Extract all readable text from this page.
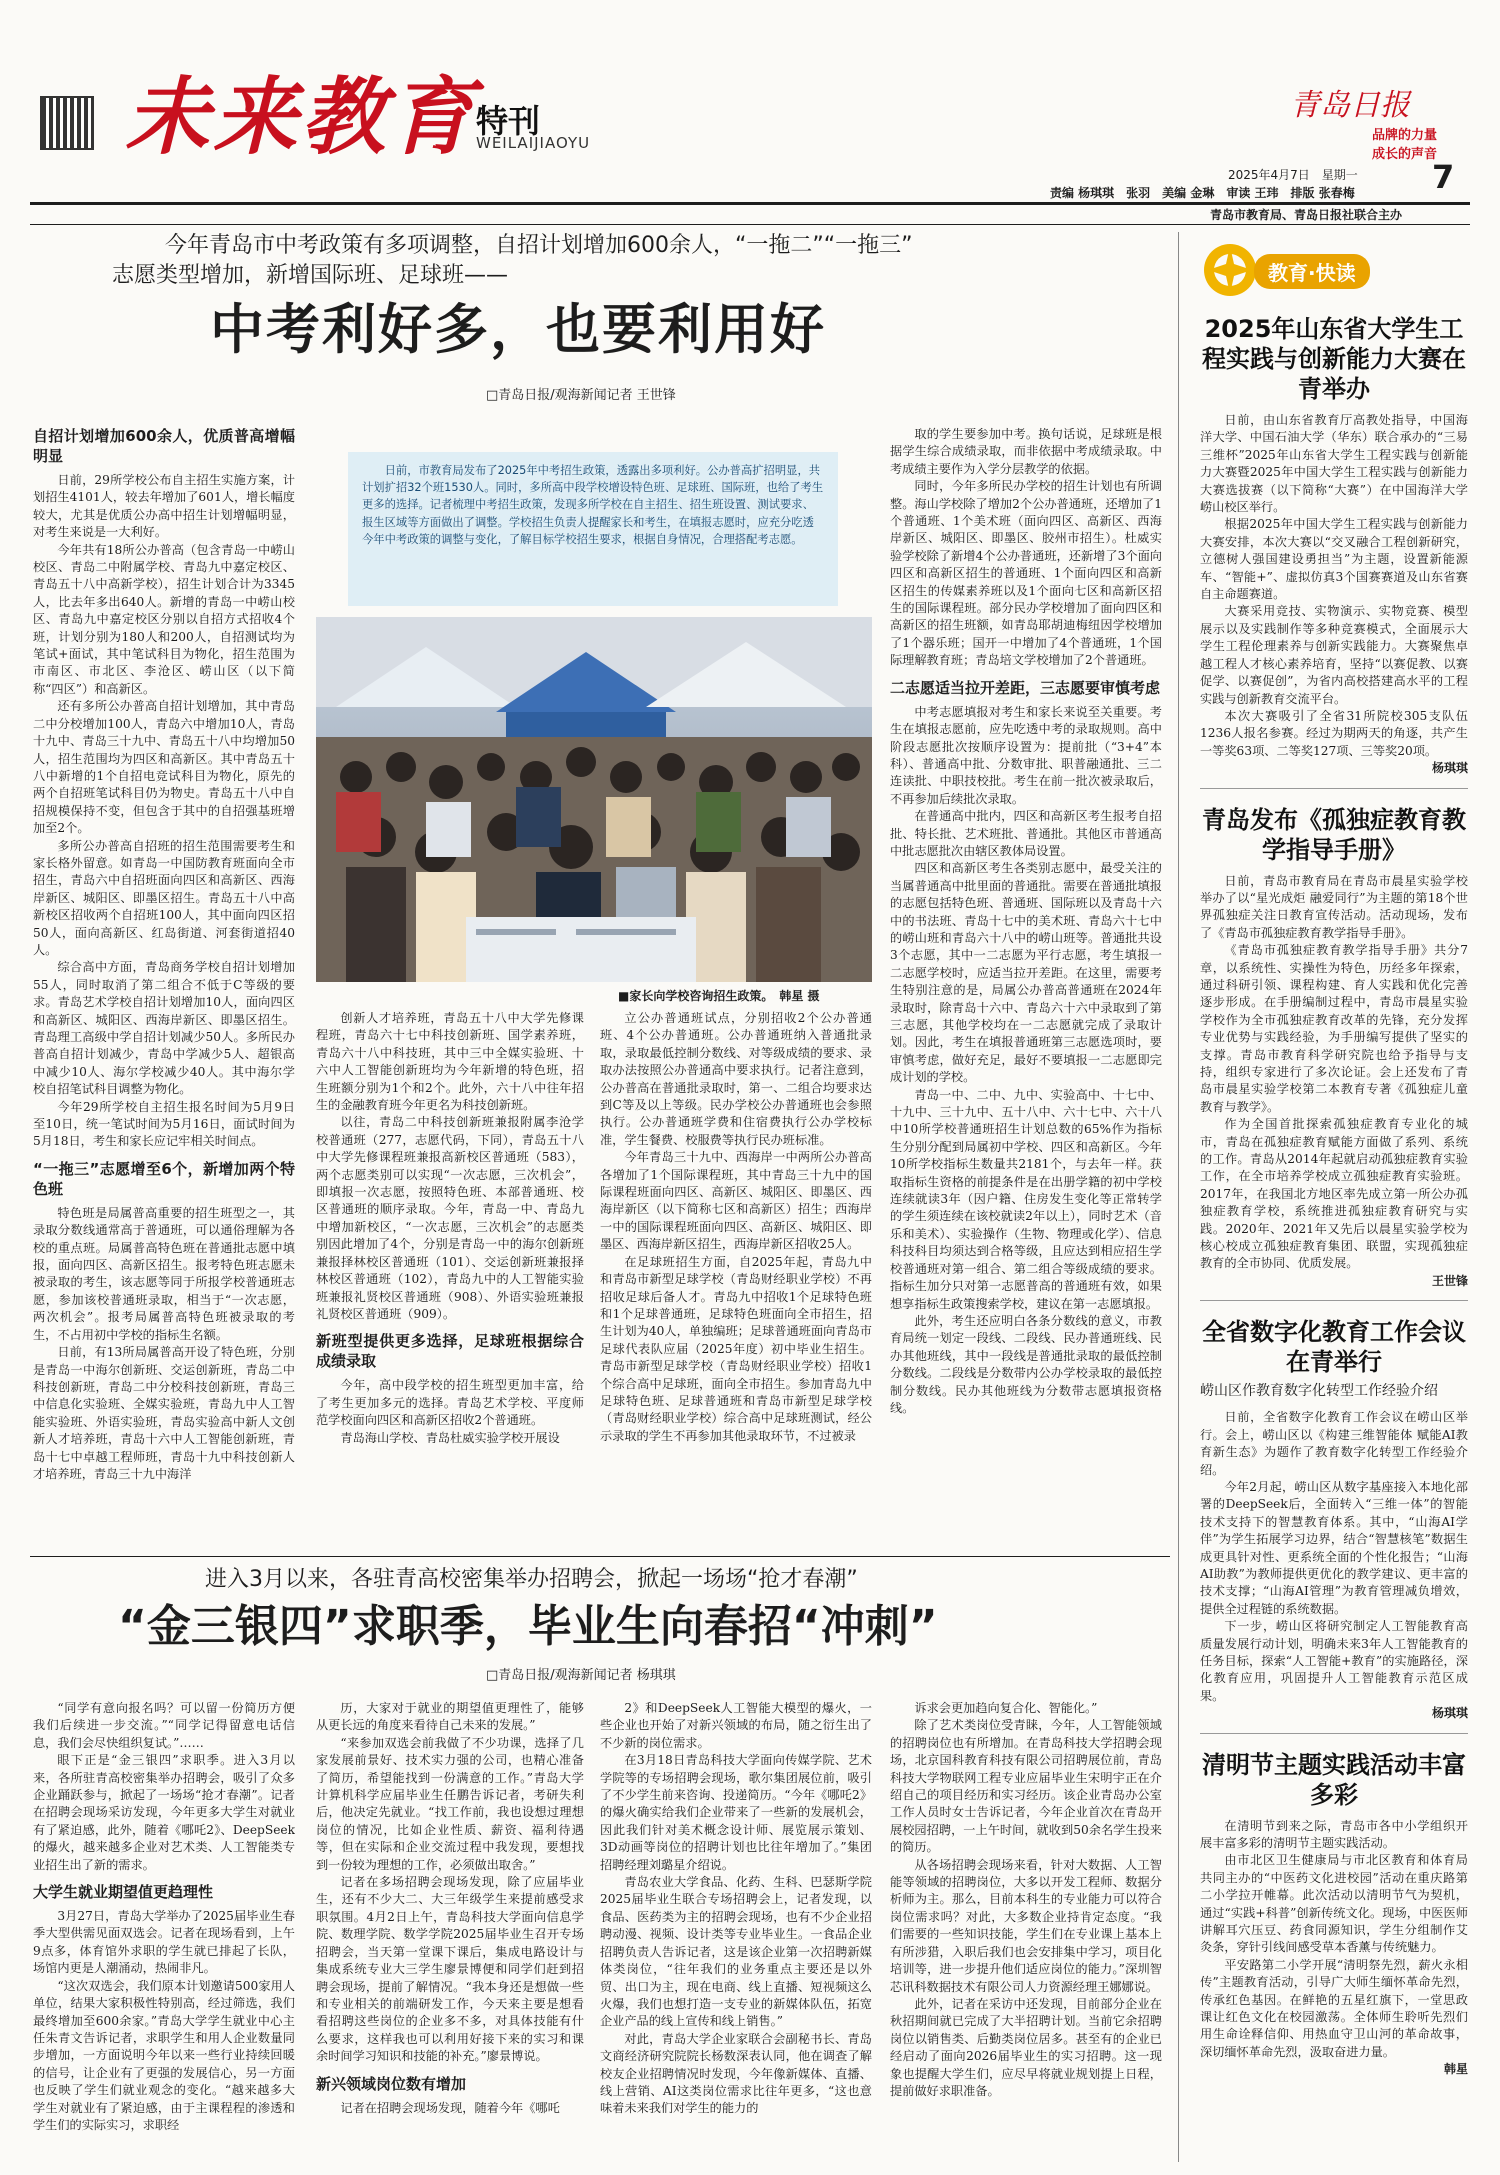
未来教育
特刊
WEILAIJIAOYU
青岛日报
品牌的力量
成长的声音
2025年4月7日　星期一 7
责编 杨琪琪　张羽　美编 金琳　审读 王玮　排版 张春梅
青岛市教育局、青岛日报社联合主办
今年青岛市中考政策有多项调整，自招计划增加600余人，“一拖二”“一拖三”
志愿类型增加，新增国际班、足球班——
中考利好多，也要利用好
□青岛日报/观海新闻记者 王世锋
日前，市教育局发布了2025年中考招生政策，透露出多项利好。公办普高扩招明显，共计划扩招32个班1530人。同时，多所高中段学校增设特色班、足球班、国际班，也给了考生更多的选择。记者梳理中考招生政策，发现多所学校在自主招生、招生班设置、测试要求、报生区域等方面做出了调整。学校招生负责人提醒家长和考生，在填报志愿时，应充分吃透今年中考政策的调整与变化，了解目标学校招生要求，根据自身情况，合理搭配考志愿。
■家长向学校咨询招生政策。　韩星 摄
自招计划增加600余人，优质普高增幅明显

日前，29所学校公布自主招生实施方案，计划招生4101人，较去年增加了601人，增长幅度较大，尤其是优质公办高中招生计划增幅明显，对考生来说是一大利好。

今年共有18所公办普高（包含青岛一中崂山校区、青岛二中附属学校、青岛九中嘉定校区、青岛五十八中高新学校），招生计划合计为3345人，比去年多出640人。新增的青岛一中崂山校区、青岛九中嘉定校区分别以自招方式招收4个班，计划分别为180人和200人，自招测试均为笔试+面试，其中笔试科目为物化，招生范围为市南区、市北区、李沧区、崂山区（以下简称“四区”）和高新区。

还有多所公办普高自招计划增加，其中青岛二中分校增加100人，青岛六中增加10人，青岛十九中、青岛三十九中、青岛五十八中均增加50人，招生范围均为四区和高新区。其中青岛五十八中新增的1个自招电竞试科目为物化，原先的两个自招班笔试科目仍为物史。青岛五十八中自招规模保持不变，但包含于其中的自招强基班增加至2个。

多所公办普高自招班的招生范围需要考生和家长格外留意。如青岛一中国防教育班面向全市招生，青岛六中自招班面向四区和高新区、西海岸新区、城阳区、即墨区招生。青岛五十八中高新校区招收两个自招班100人，其中面向四区招50人，面向高新区、红岛街道、河套街道招40人。

综合高中方面，青岛商务学校自招计划增加55人，同时取消了第二组合不低于C等级的要求。青岛艺术学校自招计划增加10人，面向四区和高新区、城阳区、西海岸新区、即墨区招生。青岛理工高级中学自招计划减少50人。多所民办普高自招计划减少，青岛中学减少5人、超银高中减少10人、海尔学校减少40人。其中海尔学校自招笔试科目调整为物化。

今年29所学校自主招生报名时间为5月9日至10日，统一笔试时间为5月16日，面试时间为5月18日，考生和家长应记牢相关时间点。

“一拖三”志愿增至6个，新增加两个特色班

特色班是局属普高重要的招生班型之一，其录取分数线通常高于普通班，可以通俗理解为各校的重点班。局属普高特色班在普通批志愿中填报，面向四区、高新区招生。报考特色班志愿未被录取的考生，该志愿等同于所报学校普通班志愿，参加该校普通班录取，相当于“一次志愿，两次机会”。报考局属普高特色班被录取的考生，不占用初中学校的指标生名额。

日前，有13所局属普高开设了特色班，分别是青岛一中海尔创新班、交运创新班，青岛二中科技创新班，青岛二中分校科技创新班，青岛三中信息化实验班、全媒实验班，青岛九中人工智能实验班、外语实验班，青岛实验高中新人文创新人才培养班，青岛十六中人工智能创新班，青岛十七中卓越工程师班，青岛十九中科技创新人才培养班，青岛三十九中海洋

创新人才培养班，青岛五十八中大学先修课程班，青岛六十七中科技创新班、国学素养班，青岛六十八中科技班，其中三中全媒实验班、十六中人工智能创新班均为今年新增的特色班，招生班额分别为1个和2个。此外，六十八中往年招生的金融教育班今年更名为科技创新班。

以往，青岛二中科技创新班兼报附属李沧学校普通班（277，志愿代码，下同），青岛五十八中大学先修课程班兼报高新校区普通班（583），两个志愿类别可以实现“一次志愿，三次机会”，即填报一次志愿，按照特色班、本部普通班、校区普通班的顺序录取。今年，青岛一中、青岛九中增加新校区，“一次志愿，三次机会”的志愿类别因此增加了4个，分别是青岛一中的海尔创新班兼报择林校区普通班（101）、交运创新班兼报择林校区普通班（102），青岛九中的人工智能实验班兼报礼贤校区普通班（908）、外语实验班兼报礼贤校区普通班（909）。

新班型提供更多选择，足球班根据综合成绩录取

今年，高中段学校的招生班型更加丰富，给了考生更加多元的选择。青岛艺术学校、平度师范学校面向四区和高新区招收2个普通班。

青岛海山学校、青岛杜威实验学校开展设

立公办普通班试点，分别招收2个公办普通班、4个公办普通班。公办普通班纳入普通批录取，录取最低控制分数线、对等级成绩的要求、录取办法按照公办普通高中要求执行。记者注意到，公办普高在普通批录取时，第一、二组合均要求达到C等及以上等级。民办学校公办普通班也会参照执行。公办普通班学费和住宿费执行公办学校标准，学生餐费、校服费等执行民办班标准。

今年青岛三十九中、西海岸一中两所公办普高各增加了1个国际课程班，其中青岛三十九中的国际课程班面向四区、高新区、城阳区、即墨区、西海岸新区（以下简称七区和高新区）招生；西海岸一中的国际课程班面向四区、高新区、城阳区、即墨区、西海岸新区招生，西海岸新区招收25人。

在足球班招生方面，自2025年起，青岛九中和青岛市新型足球学校（青岛财经职业学校）不再招收足球后备人才。青岛九中招收1个足球特色班和1个足球普通班，足球特色班面向全市招生，招生计划为40人，单独编班；足球普通班面向青岛市足球代表队应届（2025年度）初中毕业生招生。青岛市新型足球学校（青岛财经职业学校）招收1个综合高中足球班，面向全市招生。参加青岛九中足球特色班、足球普通班和青岛市新型足球学校（青岛财经职业学校）综合高中足球班测试，经公示录取的学生不再参加其他录取环节，不过被录

取的学生要参加中考。换句话说，足球班是根据学生综合成绩录取，而非依据中考成绩录取。中考成绩主要作为入学分层教学的依据。

同时，今年多所民办学校的招生计划也有所调整。海山学校除了增加2个公办普通班，还增加了1个普通班、1个美术班（面向四区、高新区、西海岸新区、城阳区、即墨区、胶州市招生）。杜威实验学校除了新增4个公办普通班，还新增了3个面向四区和高新区招生的普通班、1个面向四区和高新区招生的传媒素养班以及1个面向七区和高新区招生的国际课程班。部分民办学校增加了面向四区和高新区的招生班额，如青岛耶胡迪梅纽因学校增加了1个器乐班；国开一中增加了4个普通班，1个国际理解教育班；青岛培文学校增加了2个普通班。

二志愿适当拉开差距，三志愿要审慎考虑

中考志愿填报对考生和家长来说至关重要。考生在填报志愿前，应先吃透中考的录取规则。高中阶段志愿批次按顺序设置为：提前批（“3+4”本科）、普通高中批、分数审批、职普融通批、三二连读批、中职技校批。考生在前一批次被录取后，不再参加后续批次录取。

在普通高中批内，四区和高新区考生报考自招批、特长批、艺术班批、普通批。其他区市普通高中批志愿批次由辖区教体局设置。

四区和高新区考生各类别志愿中，最受关注的当属普通高中批里面的普通批。需要在普通批填报的志愿包括特色班、普通班、国际班以及青岛十六中的书法班、青岛十七中的美术班、青岛六十七中的崂山班和青岛六十八中的崂山班等。普通批共设3个志愿，其中一二志愿为平行志愿，考生填报一二志愿学校时，应适当拉开差距。在这里，需要考生特别注意的是，局属公办普高普通班在2024年录取时，除青岛十六中、青岛六十六中录取到了第三志愿，其他学校均在一二志愿就完成了录取计划。因此，考生在填报普通班第三志愿选项时，要审慎考虑，做好充足，最好不要填报一二志愿即完成计划的学校。

青岛一中、二中、九中、实验高中、十七中、十九中、三十九中、五十八中、六十七中、六十八中10所学校普通班招生计划总数的65%作为指标生分别分配到局属初中学校、四区和高新区。今年10所学校指标生数量共2181个，与去年一样。获取指标生资格的前提条件是在出册学籍的初中学校连续就读3年（因户籍、住房发生变化等正常转学的学生须连续在该校就读2年以上），同时艺术（音乐和美术）、实验操作（生物、物理或化学）、信息科技科目均须达到合格等级，且应达到相应招生学校普通班对第一组合、第二组合等级成绩的要求。指标生加分只对第一志愿普高的普通班有效，如果想享指标生政策搜索学校，建议在第一志愿填报。

此外，考生还应明白各条分数线的意义，市教育局统一划定一段线、二段线、民办普通班线、民办其他班线，其中一段线是普通批录取的最低控制分数线。二段线是分数带内公办学校录取的最低控制分数线。民办其他班线为分数带志愿填报资格线。

进入3月以来，各驻青高校密集举办招聘会，掀起一场场“抢才春潮”
“金三银四”求职季，毕业生向春招“冲刺”
□青岛日报/观海新闻记者 杨琪琪

“同学有意向报名吗？可以留一份简历方便我们后续进一步交流。”“同学记得留意电话信息，我们会尽快组织复试。”……

眼下正是“金三银四”求职季。进入3月以来，各所驻青高校密集举办招聘会，吸引了众多企业踊跃参与，掀起了一场场“抢才春潮”。记者在招聘会现场采访发现，今年更多大学生对就业有了紧迫感，此外，随着《哪吒2》、DeepSeek的爆火，越来越多企业对艺术类、人工智能类专业招生出了新的需求。

大学生就业期望值更趋理性

3月27日，青岛大学举办了2025届毕业生春季大型供需见面双选会。记者在现场看到，上午9点多，体育馆外求职的学生就已排起了长队，场馆内更是人潮涌动，热闹非凡。

“这次双选会，我们原本计划邀请500家用人单位，结果大家积极性特别高，经过筛选，我们最终增加至600余家。”青岛大学学生就业中心主任朱青文告诉记者，求职学生和用人企业数量同步增加，一方面说明今年以来一些行业持续回暖的信号，让企业有了更强的发展信心，另一方面也反映了学生们就业观念的变化。“越来越多大学生对就业有了紧迫感，由于主课程程的渗透和学生们的实际实习，求职经

历，大家对于就业的期望值更理性了，能够从更长远的角度来看待自己未来的发展。”

“来参加双选会前我做了不少功课，选择了几家发展前景好、技术实力强的公司，也精心准备了简历，希望能找到一份满意的工作。”青岛大学计算机科学应届毕业生任鹏告诉记者，考研失利后，他决定先就业。“找工作前，我也设想过理想岗位的情况，比如企业性质、薪资、福利待遇等，但在实际和企业交流过程中我发现，要想找到一份较为理想的工作，必须做出取舍。”

记者在多场招聘会现场发现，除了应届毕业生，还有不少大二、大三年级学生来提前感受求职氛围。4月2日上午，青岛科技大学面向信息学院、数理学院、数学学院2025届毕业生召开专场招聘会，当天第一堂课下课后，集成电路设计与集成系统专业大三学生廖景博便和同学们赶到招聘会现场，提前了解情况。“我本身还是想做一些和专业相关的前端研发工作，今天来主要是想看看招聘这些岗位的企业多不多，对具体技能有什么要求，这样我也可以利用好接下来的实习和课余时间学习知识和技能的补充。”廖景博说。

新兴领域岗位数有增加

记者在招聘会现场发现，随着今年《哪吒

2》和DeepSeek人工智能大模型的爆火，一些企业也开始了对新兴领域的布局，随之衍生出了不少新的岗位需求。

在3月18日青岛科技大学面向传媒学院、艺术学院等的专场招聘会现场，歌尔集团展位前，吸引了不少学生前来咨询、投递简历。“今年《哪吒2》的爆火确实给我们企业带来了一些新的发展机会，因此我们针对美术概念设计师、展览展示策划、3D动画等岗位的招聘计划也比往年增加了。”集团招聘经理刘璐星介绍说。

青岛农业大学食品、化药、生科、巴瑟斯学院2025届毕业生联合专场招聘会上，记者发现，以食品、医药类为主的招聘会现场，也有不少企业招聘动漫、视频、设计类等专业毕业生。一食品企业招聘负责人告诉记者，这是该企业第一次招聘新媒体类岗位，“往年我们的业务重点主要还是以外贸、出口为主，现在电商、线上直播、短视频这么火爆，我们也想打造一支专业的新媒体队伍，拓宽企业产品的线上宣传和线上销售。”

对此，青岛大学企业家联合会副秘书长、青岛文商经济研究院院长杨数深表认同，他在调查了解校友企业招聘情况时发现，今年像新媒体、直播、线上营销、AI这类岗位需求比往年更多，“这也意味着未来我们对学生的能力的

诉求会更加趋向复合化、智能化。”

除了艺术类岗位受青睐，今年，人工智能领域的招聘岗位也有所增加。在青岛科技大学招聘会现场，北京国科教育科技有限公司招聘展位前，青岛科技大学物联网工程专业应届毕业生宋明宇正在介绍自己的项目经历和实习经历。该企业青岛办公室工作人员时女士告诉记者，今年企业首次在青岛开展校园招聘，一上午时间，就收到50余名学生投来的简历。

从各场招聘会现场来看，针对大数据、人工智能等领域的招聘岗位，大多以开发工程师、数据分析师为主。那么，目前本科生的专业能力可以符合岗位需求吗？对此，大多数企业持肯定态度。“我们需要的一些知识技能，学生们在专业课上基本上有所涉猎，入职后我们也会安排集中学习，项目化培训等，进一步提升他们适应岗位的能力。”深圳智芯讯科数据技术有限公司人力资源经理王娜娜说。

此外，记者在采访中还发现，目前部分企业在秋招期间就已完成了大半招聘计划。当前它余招聘岗位以销售类、后勤类岗位居多。甚至有的企业已经启动了面向2026届毕业生的实习招聘。这一现象也提醒大学生们，应尽早将就业规划提上日程，提前做好求职准备。

教育·快读
2025年山东省大学生工程实践与创新能力大赛在青举办

日前，由山东省教育厅高教处指导，中国海洋大学、中国石油大学（华东）联合承办的“三易三维杯”2025年山东省大学生工程实践与创新能力大赛暨2025年中国大学生工程实践与创新能力大赛选拔赛（以下简称“大赛”）在中国海洋大学崂山校区举行。

根据2025年中国大学生工程实践与创新能力大赛安排，本次大赛以“交叉融合工程创新研究，立德树人强国建设勇担当”为主题，设置新能源车、“智能+”、虚拟仿真3个国赛赛道及山东省赛自主命题赛道。

大赛采用竞技、实物演示、实物竞赛、模型展示以及实践制作等多种竞赛模式，全面展示大学生工程伦理素养与创新实践能力。大赛聚焦卓越工程人才核心素养培育，坚持“以赛促教、以赛促学、以赛促创”，为省内高校搭建高水平的工程实践与创新教育交流平台。

本次大赛吸引了全省31所院校305支队伍1236人报名参赛。经过为期两天的角逐，共产生一等奖63项、二等奖127项、三等奖20项。

杨琪琪
青岛发布《孤独症教育教学指导手册》

日前，青岛市教育局在青岛市晨星实验学校举办了以“星光成炬 融爱同行”为主题的第18个世界孤独症关注日教育宣传活动。活动现场，发布了《青岛市孤独症教育教学指导手册》。

《青岛市孤独症教育教学指导手册》共分7章，以系统性、实操性为特色，历经多年探索，通过科研引领、课程构建、育人实践和优化完善逐步形成。在手册编制过程中，青岛市晨星实验学校作为全市孤独症教育改革的先锋，充分发挥专业优势与实践经验，为手册编写提供了坚实的支撑。青岛市教育科学研究院也给予指导与支持，组织专家进行了多次论证。会上还发布了青岛市晨星实验学校第二本教育专著《孤独症儿童教育与教学》。

作为全国首批探索孤独症教育专业化的城市，青岛在孤独症教育赋能方面做了系列、系统的工作。青岛从2014年起就启动孤独症教育实验工作，在全市培养学校成立孤独症教育实验班。2017年，在我国北方地区率先成立第一所公办孤独症教育学校，系统推进孤独症教育研究与实践。2020年、2021年又先后以晨星实验学校为核心校成立孤独症教育集团、联盟，实现孤独症教育的全市协同、优质发展。

王世锋
全省数字化教育工作会议在青举行
崂山区作教育数字化转型工作经验介绍

日前，全省数字化教育工作会议在崂山区举行。会上，崂山区以《构建三维智能体 赋能AI教育新生态》为题作了教育数字化转型工作经验介绍。

今年2月起，崂山区从数字基座接入本地化部署的DeepSeek后，全面转入“三维一体”的智能技术支持下的智慧教育体系。其中，“山海AI学伴”为学生拓展学习边界，结合“智慧核笔”数据生成更具针对性、更系统全面的个性化报告；“山海AI助教”为教师提供更优化的教学建议、更丰富的技术支撑；“山海AI管理”为教育管理减负增效，提供全过程链的系统数据。

下一步，崂山区将研究制定人工智能教育高质量发展行动计划，明确未来3年人工智能教育的任务目标，探索“人工智能+教育”的实施路径，深化教育应用，巩固提升人工智能教育示范区成果。

杨琪琪
清明节主题实践活动丰富多彩

在清明节到来之际，青岛市各中小学组织开展丰富多彩的清明节主题实践活动。

由市北区卫生健康局与市北区教育和体育局共同主办的“中医药文化进校园”活动在重庆路第二小学拉开帷幕。此次活动以清明节气为契机，通过“实践+科普”创新传统文化。现场，中医医师讲解耳穴压豆、药食同源知识，学生分组制作艾灸条，穿针引线间感受草本香薰与传统魅力。

平安路第二小学开展“清明祭先烈，薪火永相传”主题教育活动，引导广大师生缅怀革命先烈，传承红色基因。在鲜艳的五星红旗下，一堂思政课让红色文化在校园激荡。全体师生聆听先烈们用生命诠释信仰、用热血守卫山河的革命故事，深切缅怀革命先烈，汲取奋进力量。

韩星
